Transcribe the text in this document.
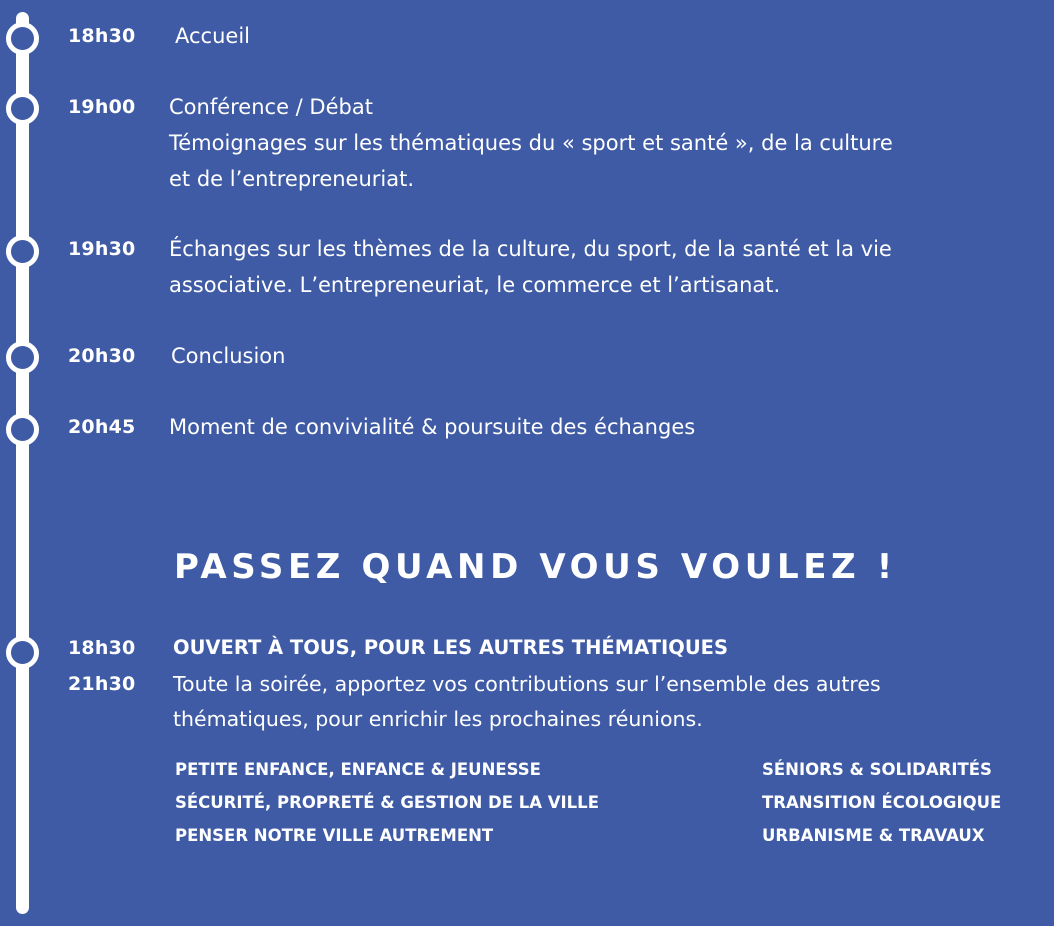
18h30 Accueil
19h00 Conférence / Débat
Témoignages sur les thématiques du « sport et santé », de la culture
et de l’entrepreneuriat.
19h30 Échanges sur les thèmes de la culture, du sport, de la santé et la vie
associative. L’entrepreneuriat, le commerce et l’artisanat.
20h30 Conclusion
20h45 Moment de convivialité & poursuite des échanges
PASSEZ QUAND VOUS VOULEZ !
18h30
21h30
OUVERT À TOUS, POUR LES AUTRES THÉMATIQUES
Toute la soirée, apportez vos contributions sur l’ensemble des autres
thématiques, pour enrichir les prochaines réunions.
PETITE ENFANCE, ENFANCE & JEUNESSE
SÉCURITÉ, PROPRETÉ & GESTION DE LA VILLE
PENSER NOTRE VILLE AUTREMENT
SÉNIORS & SOLIDARITÉS
TRANSITION ÉCOLOGIQUE
URBANISME & TRAVAUX
